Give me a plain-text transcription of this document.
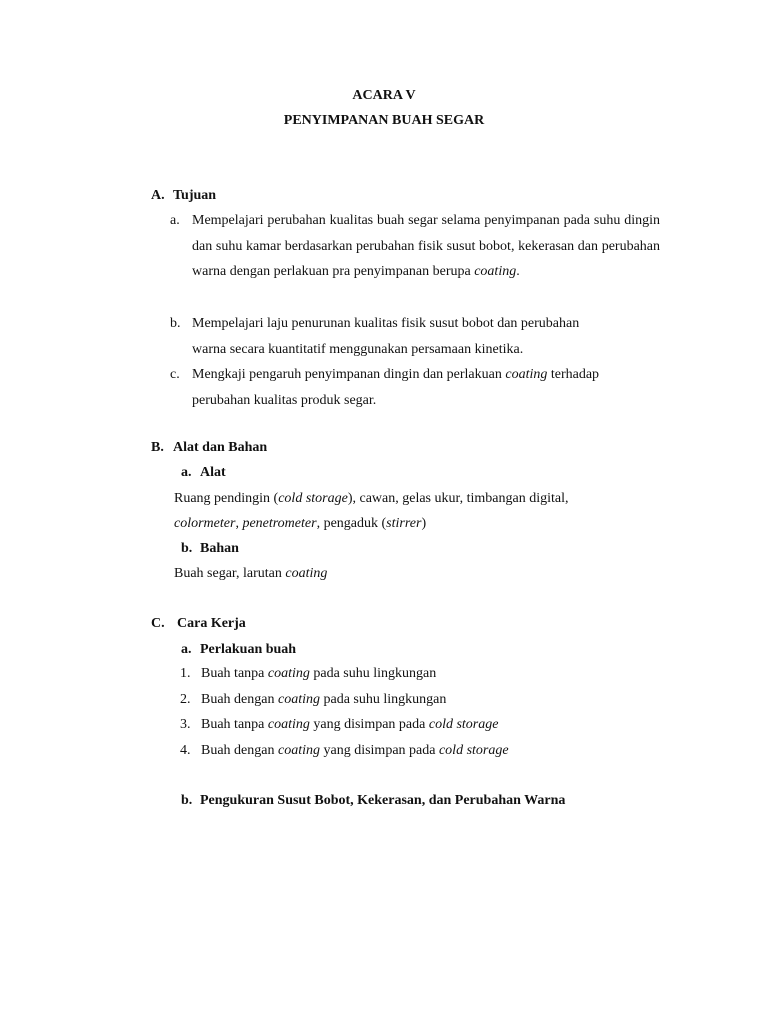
ACARA V
PENYIMPANAN BUAH SEGAR
A. Tujuan
a. Mempelajari perubahan kualitas buah segar selama penyimpanan pada suhu dingin dan suhu kamar berdasarkan perubahan fisik susut bobot, kekerasan dan perubahan warna dengan perlakuan pra penyimpanan berupa coating.
b. Mempelajari laju penurunan kualitas fisik susut bobot dan perubahan
warna secara kuantitatif menggunakan persamaan kinetika.
c. Mengkaji pengaruh penyimpanan dingin dan perlakuan coating terhadap
perubahan kualitas produk segar.
B. Alat dan Bahan
a. Alat
Ruang pendingin (cold storage), cawan, gelas ukur, timbangan digital,
colormeter, penetrometer, pengaduk (stirrer)
b. Bahan
Buah segar, larutan coating
C. Cara Kerja
a. Perlakuan buah
1. Buah tanpa coating pada suhu lingkungan
2. Buah dengan coating pada suhu lingkungan
3. Buah tanpa coating yang disimpan pada cold storage
4. Buah dengan coating yang disimpan pada cold storage
b. Pengukuran Susut Bobot, Kekerasan, dan Perubahan Warna
